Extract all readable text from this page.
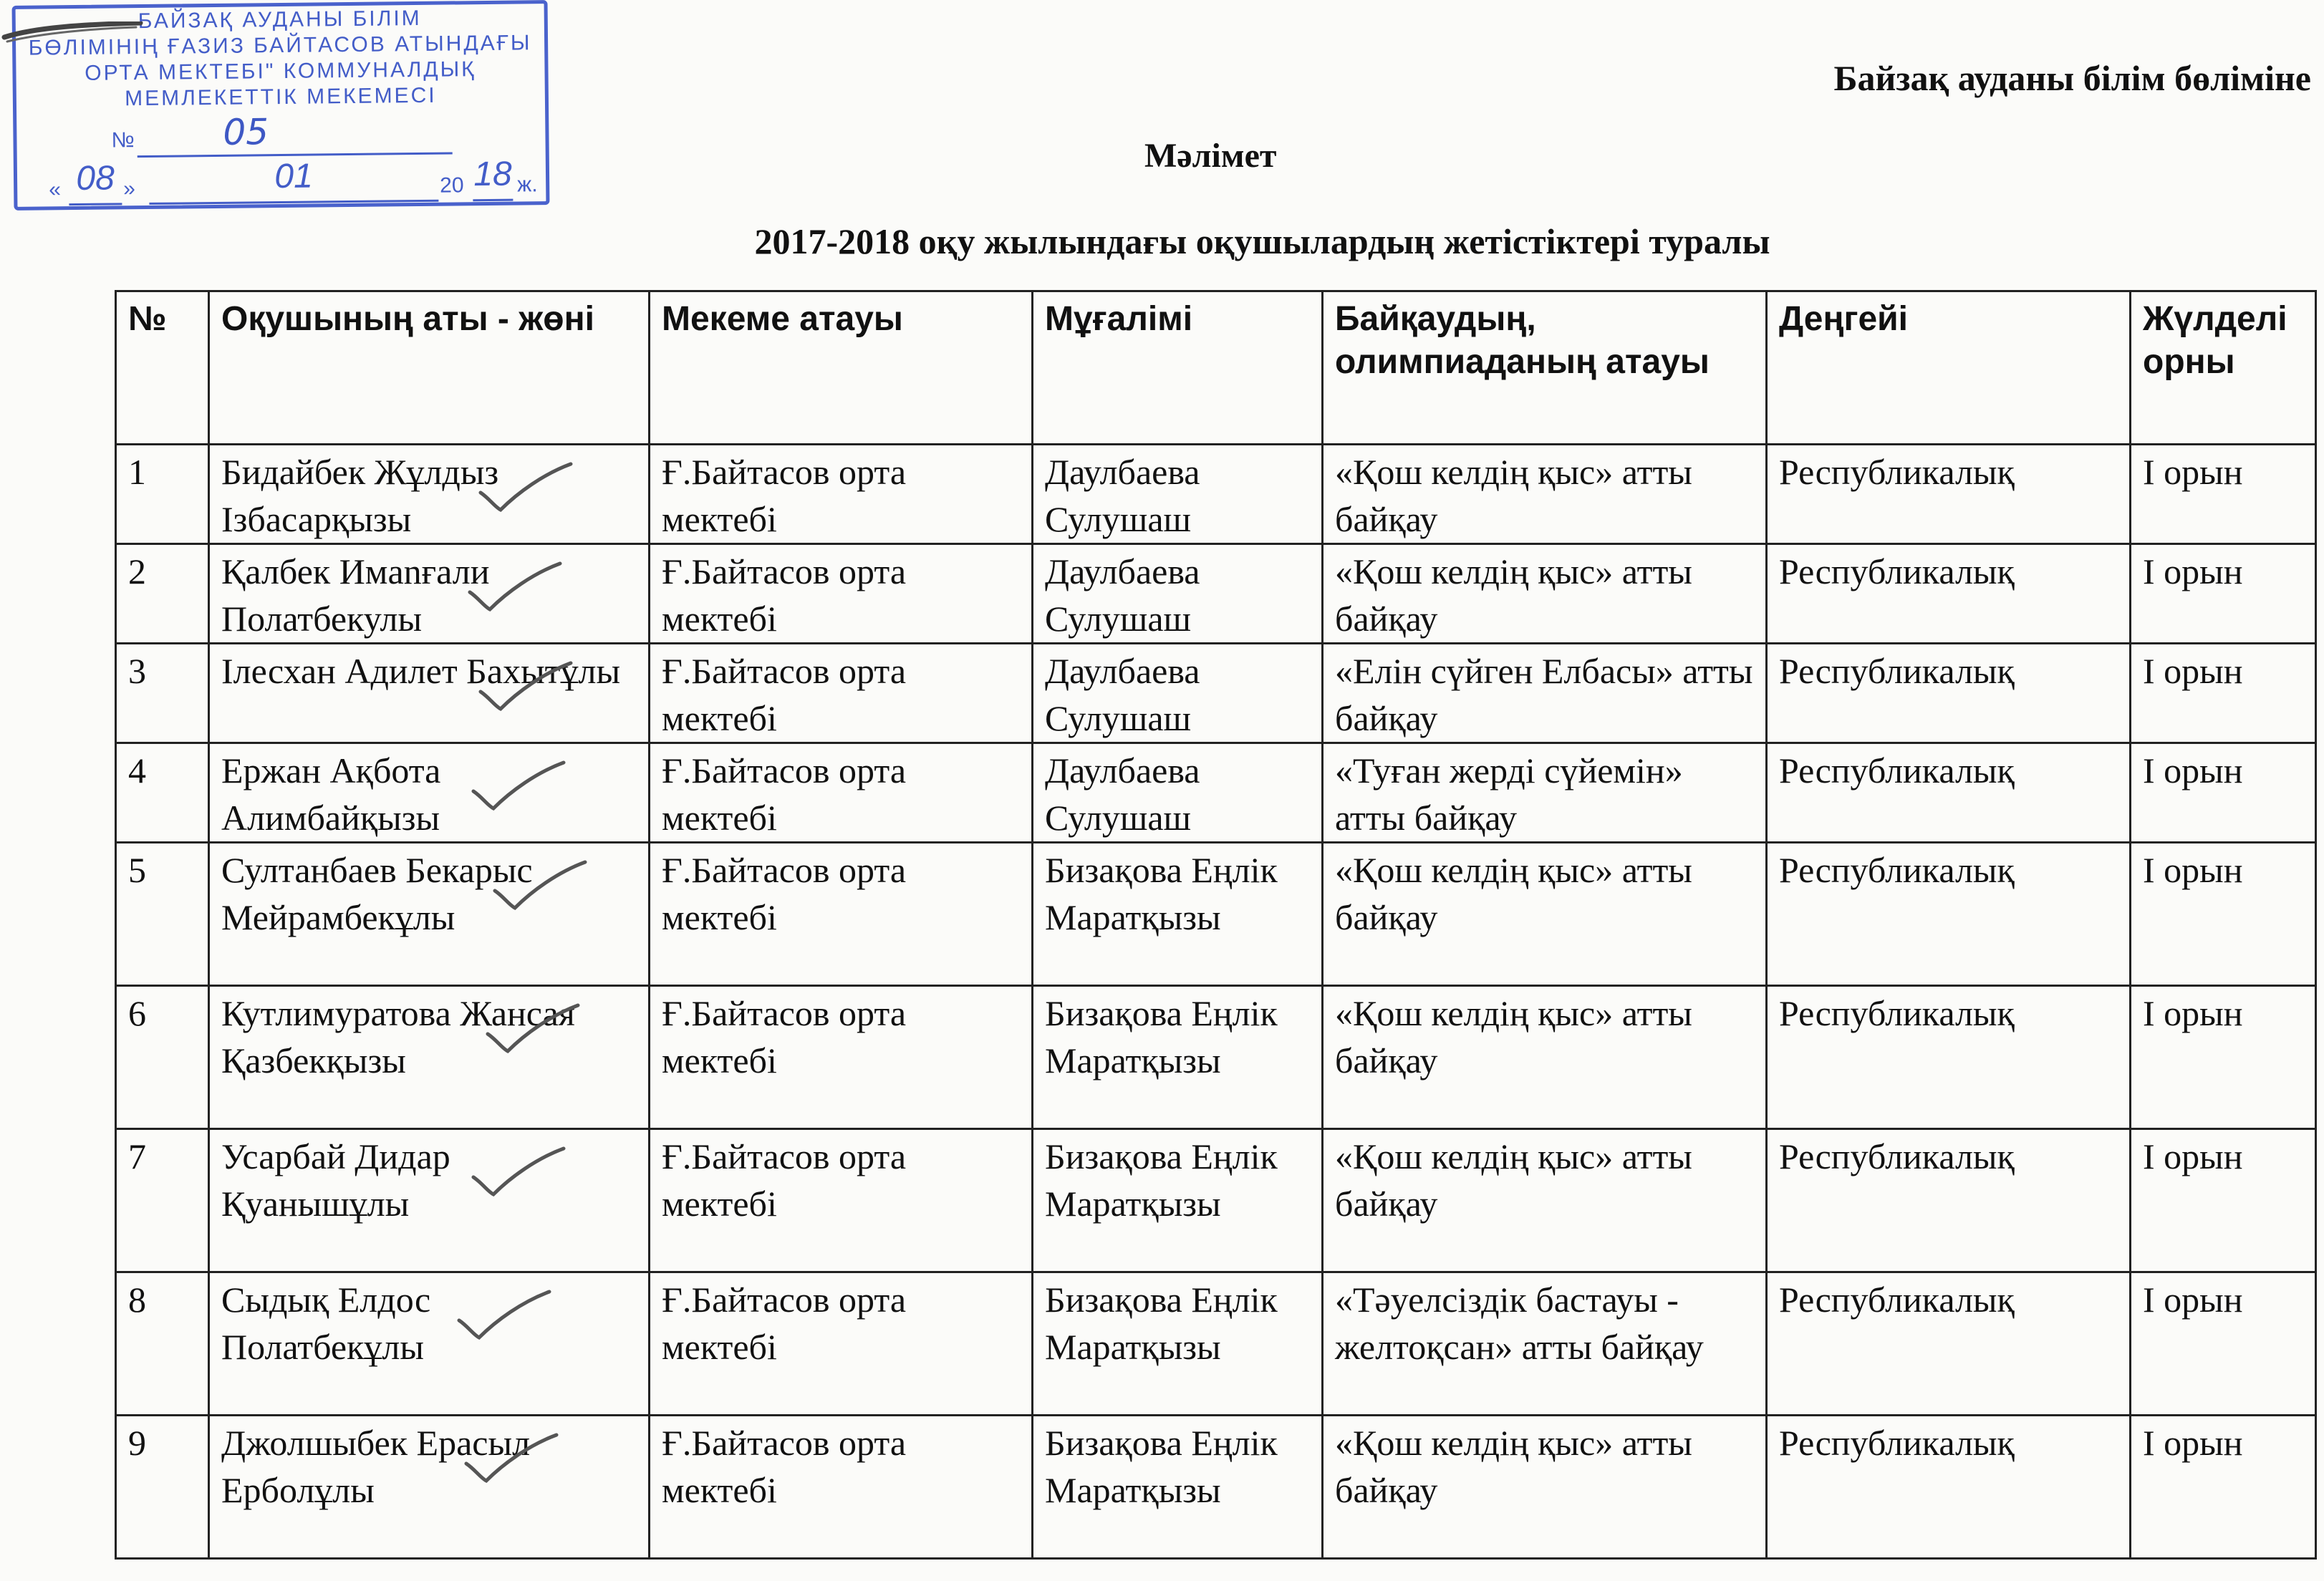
БАЙЗАҚ АУДАНЫ БІЛІМ
БӨЛІМІНІҢ ҒАЗИЗ БАЙТАСОВ АТЫНДАҒЫ
ОРТА МЕКТЕБІ" КОММУНАЛДЫҚ
МЕМЛЕКЕТТІК МЕКЕМЕСІ
№ 05
« 08 »	01	20 18 ж.
Байзақ ауданы білім бөліміне
Мәлімет
2017-2018 оқу жылындағы оқушылардың жетістіктері туралы
№	Оқушының аты - жөні	Мекеме атауы	Мұғалімі	Байқаудың, олимпиаданың атауы	Деңгейі	Жүлделі орны
1	Бидайбек Жұлдыз Ізбасарқызы	Ғ.Байтасов орта мектебі	Даулбаева Сулушаш	«Қош келдің қыс» атты байқау	Республикалық	І орын
2	Қалбек Имanғали Полатбекулы	Ғ.Байтасов орта мектебі	Даулбаева Сулушаш	«Қош келдің қыс» атты байқау	Республикалық	І орын
3	Ілесхан Адилет Бахытұлы	Ғ.Байтасов орта мектебі	Даулбаева Сулушаш	«Елін сүйген Елбасы» атты байқау	Республикалық	І орын
4	Ержан Ақбота Алимбайқызы	Ғ.Байтасов орта мектебі	Даулбаева Сулушаш	«Туған жерді сүйемін» атты байқау	Республикалық	І орын
5	Султанбаев Бекарыс Мейрамбекұлы	Ғ.Байтасов орта мектебі	Бизақова Еңлік Маратқызы	«Қош келдің қыс» атты байқау	Республикалық	І орын
6	Кутлимуратова Жансая Қазбекқызы	Ғ.Байтасов орта мектебі	Бизақова Еңлік Маратқызы	«Қош келдің қыс» атты байқау	Республикалық	І орын
7	Усарбай Дидар Қуанышұлы	Ғ.Байтасов орта мектебі	Бизақова Еңлік Маратқызы	«Қош келдің қыс» атты байқау	Республикалық	І орын
8	Сыдық Елдос Полатбекұлы	Ғ.Байтасов орта мектебі	Бизақова Еңлік Маратқызы	«Тәуелсіздік бастауы - желтоқсан» атты байқау	Республикалық	І орын
9	Джолшыбек Ерасыл Ерболұлы	Ғ.Байтасов орта мектебі	Бизақова Еңлік Маратқызы	«Қош келдің қыс» атты байқау	Республикалық	І орын
